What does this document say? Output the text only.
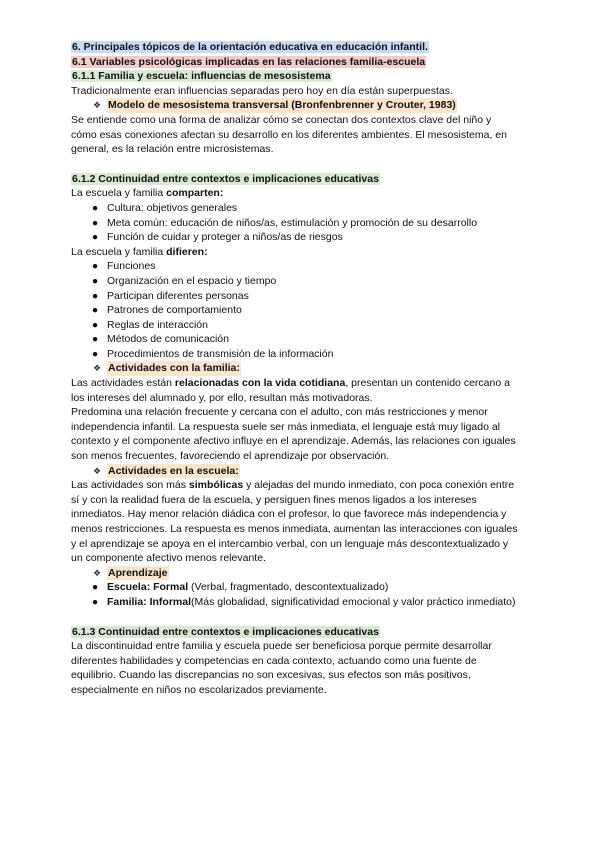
6. Principales tópicos de la orientación educativa en educación infantil.
6.1 Variables psicológicas implicadas en las relaciones familia-escuela
6.1.1 Familia y escuela: influencias de mesosistema
Tradicionalmente eran influencias separadas pero hoy en día están superpuestas.
❖ Modelo de mesosistema transversal (Bronfenbrenner y Crouter, 1983)
Se entiende como una forma de analizar cómo se conectan dos contextos clave del niño y
cómo esas conexiones afectan su desarrollo en los diferentes ambientes. El mesosistema, en
general, es la relación entre microsistemas.
6.1.2 Continuidad entre contextos e implicaciones educativas
La escuela y familia comparten:
● Cultura: objetivos generales
● Meta común: educación de niños/as, estimulación y promoción de su desarrollo
● Función de cuidar y proteger a niños/as de riesgos
La escuela y familia difieren:
● Funciones
● Organización en el espacio y tiempo
● Participan diferentes personas
● Patrones de comportamiento
● Reglas de interacción
● Métodos de comunicación
● Procedimientos de transmisión de la información
❖ Actividades con la familia:
Las actividades están relacionadas con la vida cotidiana, presentan un contenido cercano a
los intereses del alumnado y, por ello, resultan más motivadoras.
Predomina una relación frecuente y cercana con el adulto, con más restricciones y menor
independencia infantil. La respuesta suele ser más inmediata, el lenguaje está muy ligado al
contexto y el componente afectivo influye en el aprendizaje. Además, las relaciones con iguales
son menos frecuentes, favoreciendo el aprendizaje por observación.
❖ Actividades en la escuela:
Las actividades son más simbólicas y alejadas del mundo inmediato, con poca conexión entre
sí y con la realidad fuera de la escuela, y persiguen fines menos ligados a los intereses
inmediatos. Hay menor relación diádica con el profesor, lo que favorece más independencia y
menos restricciones. La respuesta es menos inmediata, aumentan las interacciones con iguales
y el aprendizaje se apoya en el intercambio verbal, con un lenguaje más descontextualizado y
un componente afectivo menos relevante.
❖ Aprendizaje
● Escuela: Formal (Verbal, fragmentado, descontextualizado)
● Familia: Informal(Más globalidad, significatividad emocional y valor práctico inmediato)
6.1.3 Continuidad entre contextos e implicaciones educativas
La discontinuidad entre familia y escuela puede ser beneficiosa porque permite desarrollar
diferentes habilidades y competencias en cada contexto, actuando como una fuente de
equilibrio. Cuando las discrepancias no son excesivas, sus efectos son más positivos,
especialmente en niños no escolarizados previamente.
